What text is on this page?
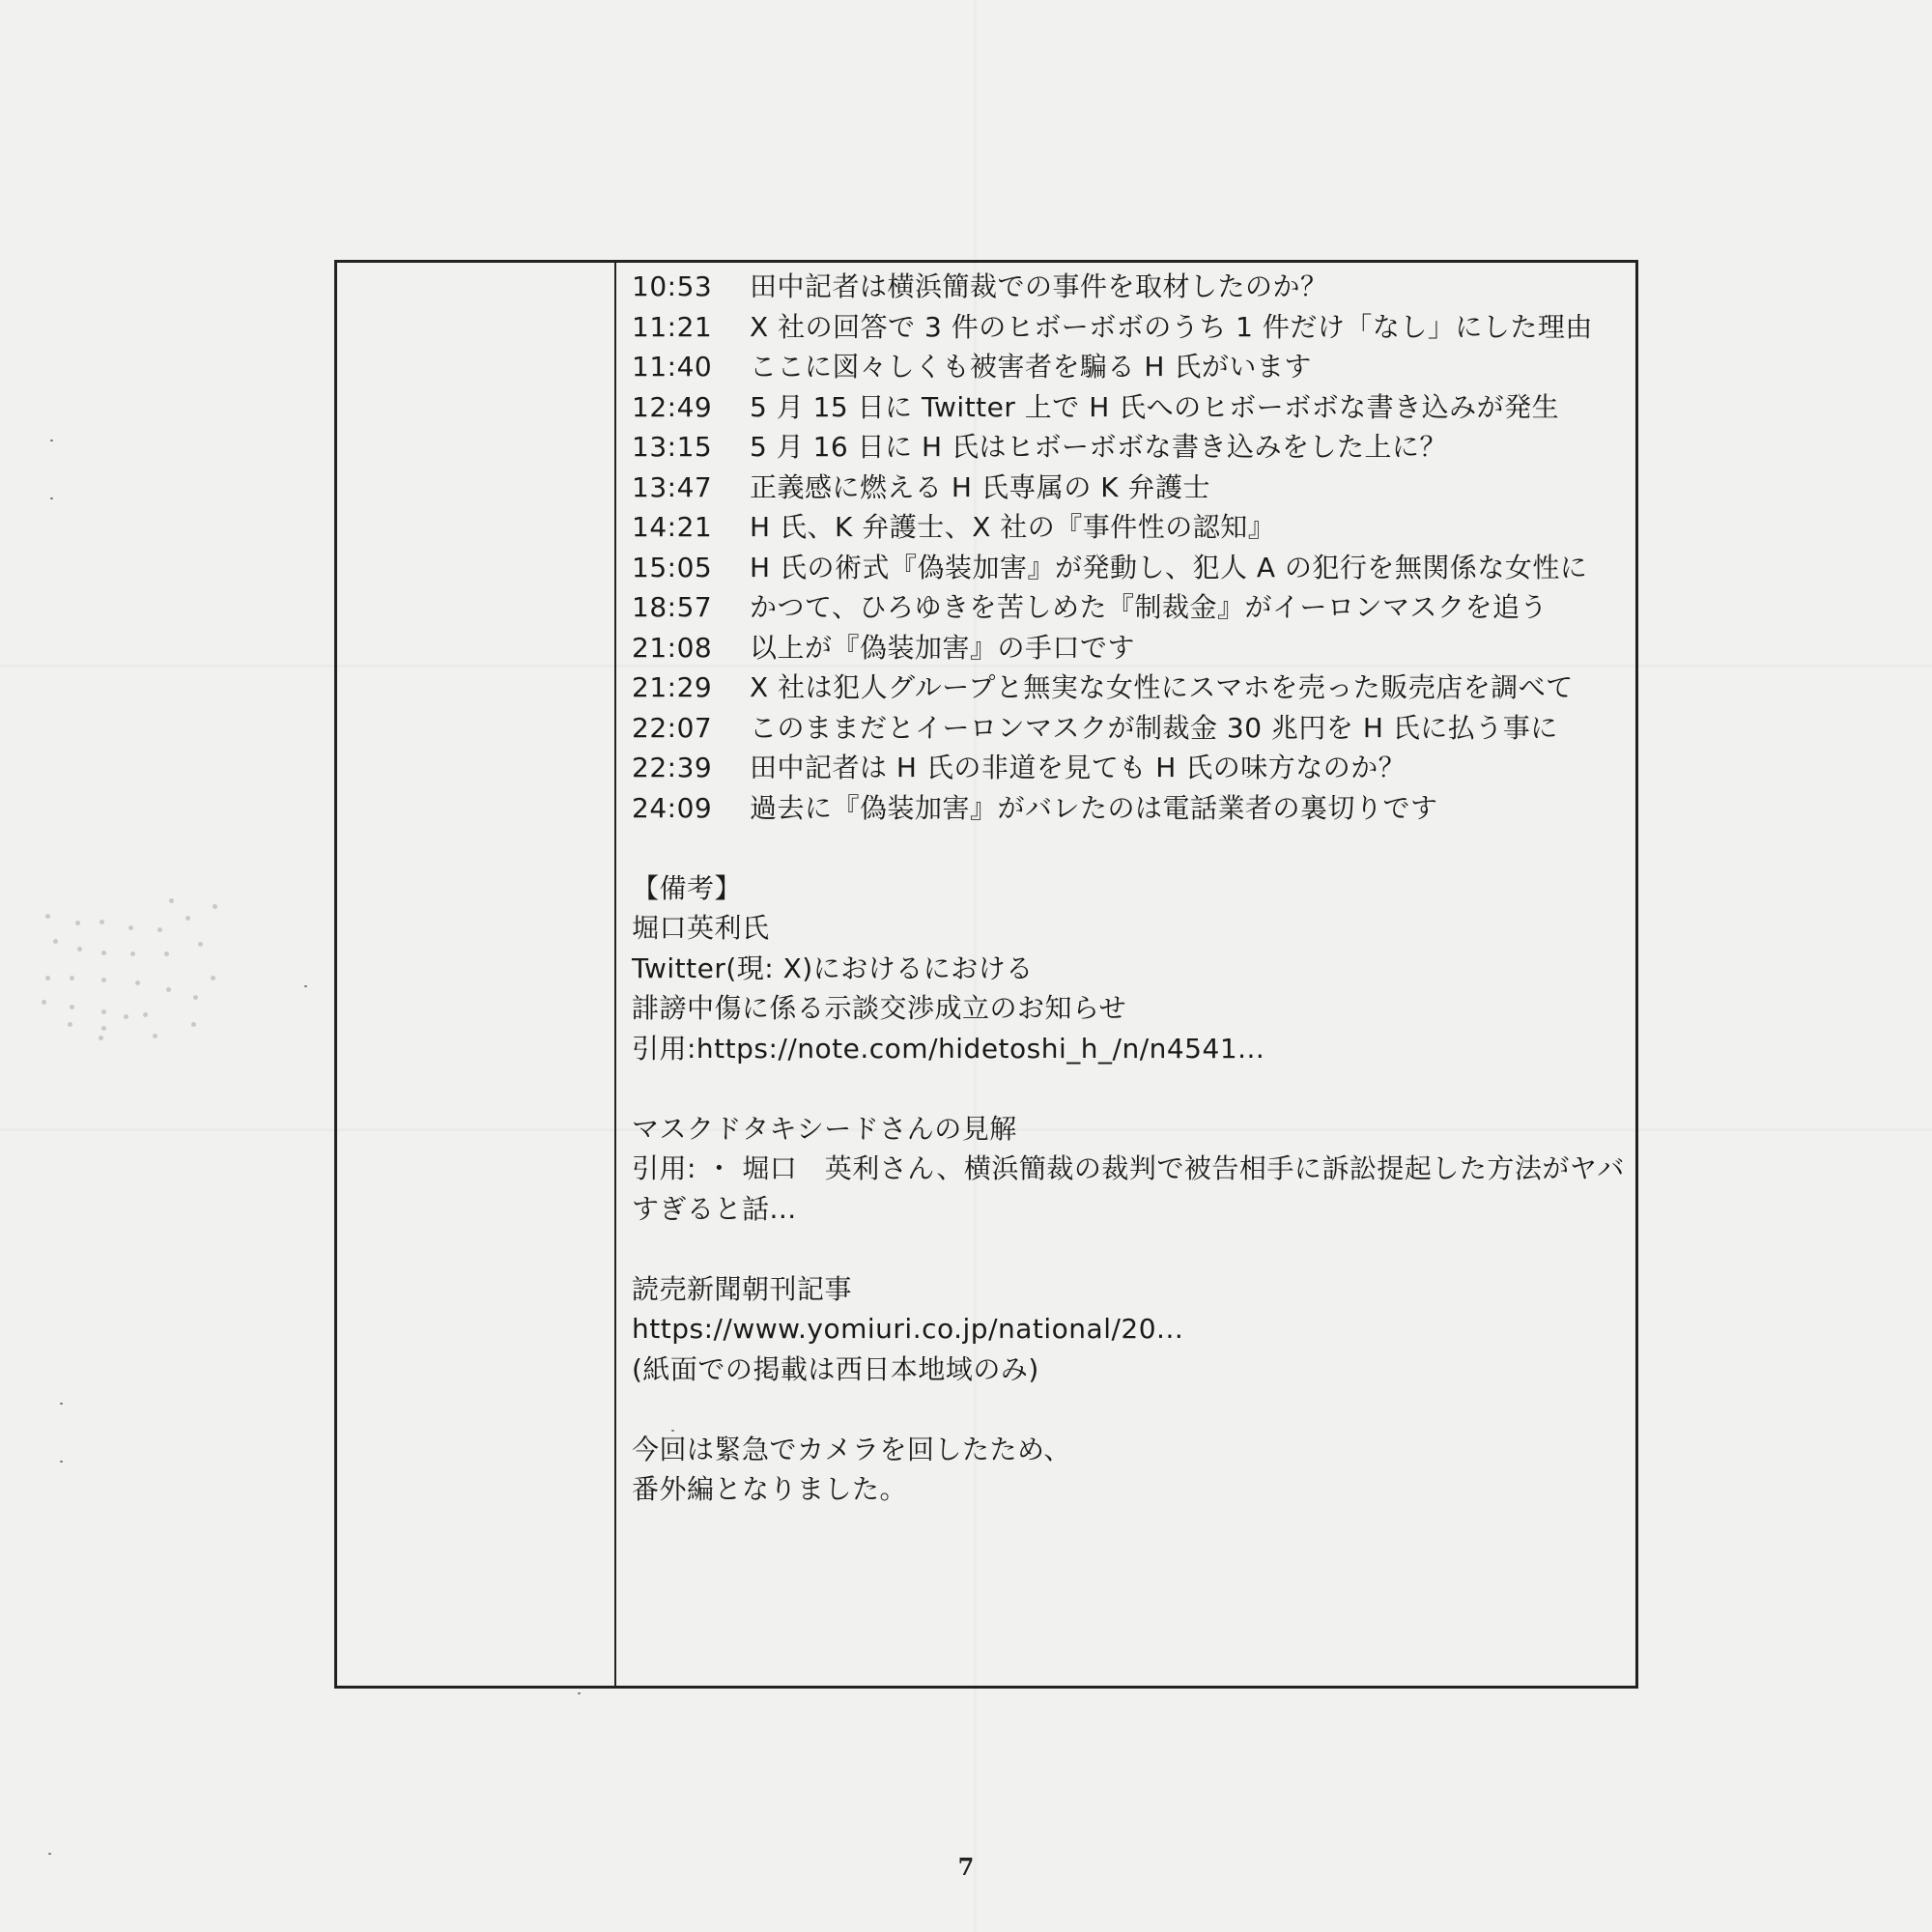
10:53 田中記者は横浜簡裁での事件を取材したのか？
11:21 X 社の回答で 3 件のヒボーボボのうち 1 件だけ「なし」にした理由
11:40 ここに図々しくも被害者を騙る H 氏がいます
12:49 5 月 15 日に Twitter 上で H 氏へのヒボーボボな書き込みが発生
13:15 5 月 16 日に H 氏はヒボーボボな書き込みをした上に？
13:47 正義感に燃える H 氏専属の K 弁護士
14:21 H 氏、K 弁護士、X 社の『事件性の認知』
15:05 H 氏の術式『偽装加害』が発動し、犯人 A の犯行を無関係な女性に
18:57 かつて、ひろゆきを苦しめた『制裁金』がイーロンマスクを追う
21:08 以上が『偽装加害』の手口です
21:29 X 社は犯人グループと無実な女性にスマホを売った販売店を調べて
22:07 このままだとイーロンマスクが制裁金 30 兆円を H 氏に払う事に
22:39 田中記者は H 氏の非道を見ても H 氏の味方なのか？
24:09 過去に『偽装加害』がバレたのは電話業者の裏切りです
【備考】
堀口英利氏
Twitter(現: X)におけるにおける
誹謗中傷に係る示談交渉成立のお知らせ
引用:https://note.com/hidetoshi_h_/n/n4541...
マスクドタキシードさんの見解
引用: ・ 堀口　英利さん、横浜簡裁の裁判で被告相手に訴訟提起した方法がヤバすぎると話...
読売新聞朝刊記事
https://www.yomiuri.co.jp/national/20...
(紙面での掲載は西日本地域のみ)
今回は緊急でカメラを回したため、
番外編となりました。
7
